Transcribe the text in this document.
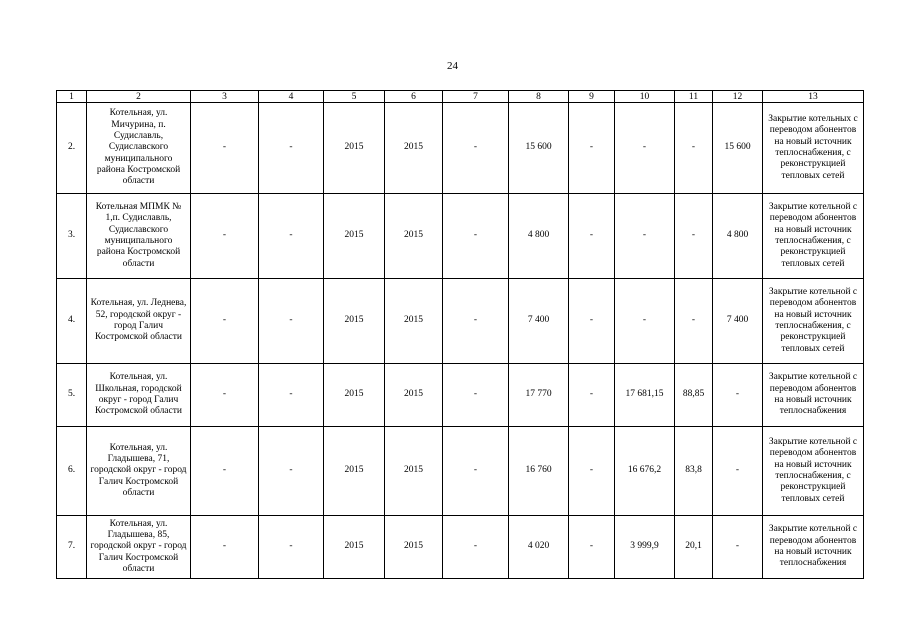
24
1	2	3	4	5	6	7	8	9	10	11	12	13
2.	Котельная, ул. Мичурина, п. Судиславль, Судиславского муниципального района Костромской области	-	-	2015	2015	-	15 600	-	-	-	15 600	Закрытие котельных с переводом абонентов на новый источник теплоснабжения, с реконструкцией тепловых сетей
3.	Котельная МПМК № 1,п. Судиславль, Судиславского муниципального района Костромской области	-	-	2015	2015	-	4 800	-	-	-	4 800	Закрытие котельной с переводом абонентов на новый источник теплоснабжения, с реконструкцией тепловых сетей
4.	Котельная, ул. Леднева, 52, городской округ - город Галич Костромской области	-	-	2015	2015	-	7 400	-	-	-	7 400	Закрытие котельной с переводом абонентов на новый источник теплоснабжения, с реконструкцией тепловых сетей
5.	Котельная, ул. Школьная, городской округ - город Галич Костромской области	-	-	2015	2015	-	17 770	-	17 681,15	88,85	-	Закрытие котельной с переводом абонентов на новый источник теплоснабжения
6.	Котельная, ул. Гладышева, 71, городской округ - город Галич Костромской области	-	-	2015	2015	-	16 760	-	16 676,2	83,8	-	Закрытие котельной с переводом абонентов на новый источник теплоснабжения, с реконструкцией тепловых сетей
7.	Котельная, ул. Гладышева, 85, городской округ - город Галич Костромской области	-	-	2015	2015	-	4 020	-	3 999,9	20,1	-	Закрытие котельной с переводом абонентов на новый источник теплоснабжения
